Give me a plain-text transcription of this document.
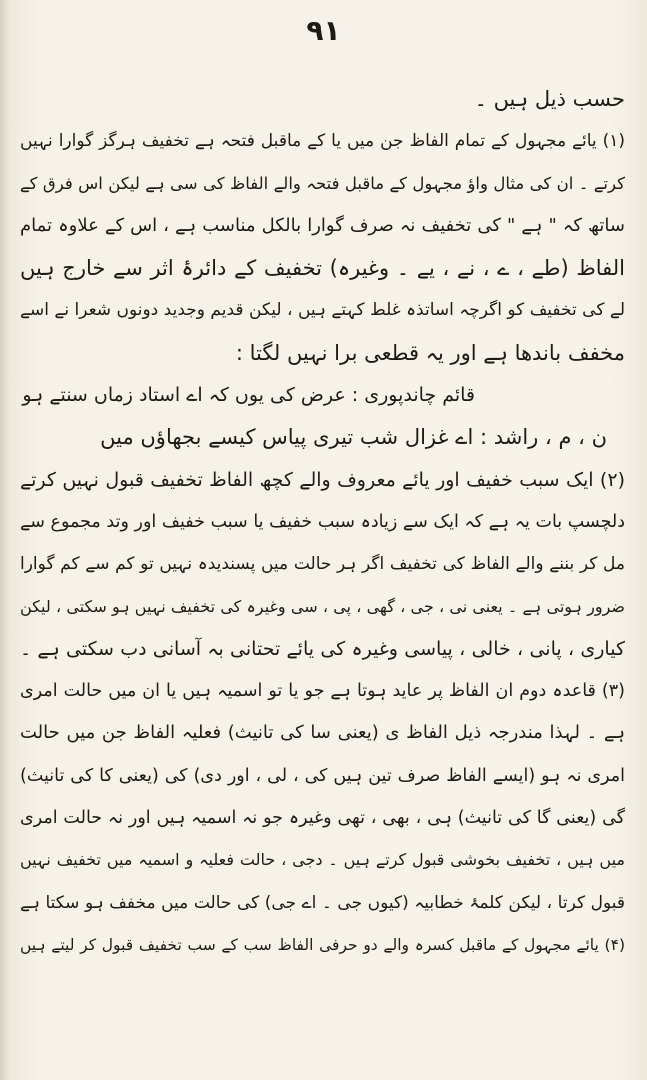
٩١
حسب ذیل ہیں ۔
(۱) یائے مجہول کے تمام الفاظ جن میں یا کے ماقبل فتحہ ہے تخفیف ہرگز گوارا نہیں
کرتے ۔ ان کی مثال واؤ مجہول کے ماقبل فتحہ والے الفاظ کی سی ہے لیکن اس فرق کے
ساتھ کہ " ہے " کی تخفیف نہ صرف گوارا بالکل مناسب ہے ، اس کے علاوہ تمام
الفاظ (طے ، ے ، نے ، یے ۔ وغیرہ) تخفیف کے دائرۂ اثر سے خارج ہیں
لے کی تخفیف کو اگرچہ اساتذہ غلط کہتے ہیں ، لیکن قدیم وجدید دونوں شعرا نے اسے
مخفف باندھا ہے اور یہ قطعی برا نہیں لگتا :
قائم چاندپوری : عرض کی یوں کہ اے استاد زماں سنتے ہو
ن ، م ، راشد : اے غزال شب تیری پیاس کیسے بجھاؤں میں
(۲) ایک سبب خفیف اور یائے معروف والے کچھ الفاظ تخفیف قبول نہیں کرتے
دلچسپ بات یہ ہے کہ ایک سے زیادہ سبب خفیف یا سبب خفیف اور وتد مجموع سے
مل کر بننے والے الفاظ کی تخفیف اگر ہر حالت میں پسندیدہ نہیں تو کم سے کم گوارا
ضرور ہوتی ہے ۔ یعنی نی ، جی ، گھی ، پی ، سی وغیرہ کی تخفیف نہیں ہو سکتی ، لیکن
کیاری ، پانی ، خالی ، پیاسی وغیرہ کی یائے تحتانی بہ آسانی دب سکتی ہے ۔
(۳) قاعدہ دوم ان الفاظ پر عاید ہوتا ہے جو یا تو اسمیہ ہیں یا ان میں حالت امری
ہے ۔ لہذا مندرجہ ذیل الفاظ ی (یعنی سا کی تانیث) فعلیہ الفاظ جن میں حالت
امری نہ ہو (ایسے الفاظ صرف تین ہیں کی ، لی ، اور دی) کی (یعنی کا کی تانیث)
گی (یعنی گا کی تانیث) ہی ، بھی ، تھی وغیرہ جو نہ اسمیہ ہیں اور نہ حالت امری
میں ہیں ، تخفیف بخوشی قبول کرتے ہیں ۔ دجی ، حالت فعلیہ و اسمیہ میں تخفیف نہیں
قبول کرتا ، لیکن کلمۂ خطابیہ (کیوں جی ۔ اے جی) کی حالت میں مخفف ہو سکتا ہے
(۴) یائے مجہول کے ماقبل کسرہ والے دو حرفی الفاظ سب کے سب تخفیف قبول کر لیتے ہیں
